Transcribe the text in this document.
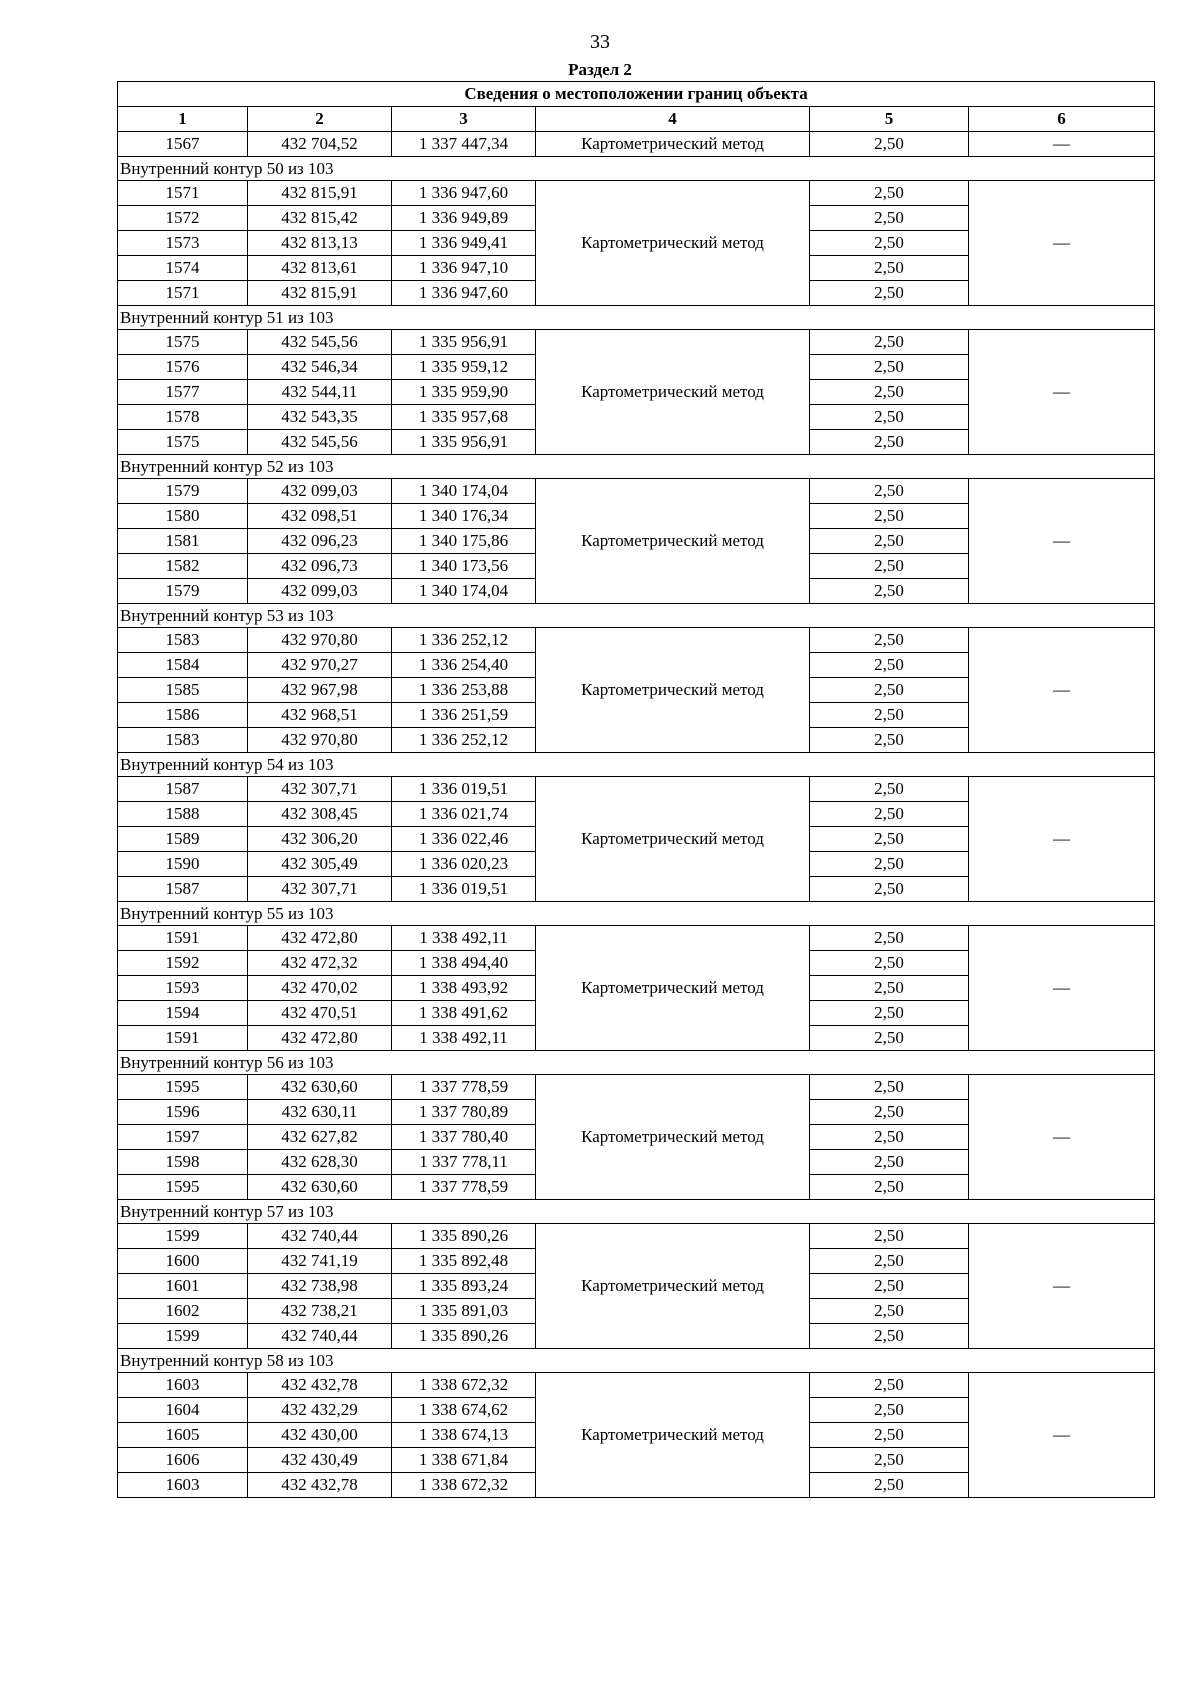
33
Раздел 2
Сведения о местоположении границ объекта					
1	2	3	4	5	6
1567	432 704,52	1 337 447,34	Картометрический метод	2,50	—
Внутренний контур 50 из 103					
1571	432 815,91	1 336 947,60	Картометрический метод	2,50	—
1572	432 815,42	1 336 949,89		2,50	
1573	432 813,13	1 336 949,41		2,50	
1574	432 813,61	1 336 947,10		2,50	
1571	432 815,91	1 336 947,60		2,50	
Внутренний контур 51 из 103					
1575	432 545,56	1 335 956,91	Картометрический метод	2,50	—
1576	432 546,34	1 335 959,12		2,50	
1577	432 544,11	1 335 959,90		2,50	
1578	432 543,35	1 335 957,68		2,50	
1575	432 545,56	1 335 956,91		2,50	
Внутренний контур 52 из 103					
1579	432 099,03	1 340 174,04	Картометрический метод	2,50	—
1580	432 098,51	1 340 176,34		2,50	
1581	432 096,23	1 340 175,86		2,50	
1582	432 096,73	1 340 173,56		2,50	
1579	432 099,03	1 340 174,04		2,50	
Внутренний контур 53 из 103					
1583	432 970,80	1 336 252,12	Картометрический метод	2,50	—
1584	432 970,27	1 336 254,40		2,50	
1585	432 967,98	1 336 253,88		2,50	
1586	432 968,51	1 336 251,59		2,50	
1583	432 970,80	1 336 252,12		2,50	
Внутренний контур 54 из 103					
1587	432 307,71	1 336 019,51	Картометрический метод	2,50	—
1588	432 308,45	1 336 021,74		2,50	
1589	432 306,20	1 336 022,46		2,50	
1590	432 305,49	1 336 020,23		2,50	
1587	432 307,71	1 336 019,51		2,50	
Внутренний контур 55 из 103					
1591	432 472,80	1 338 492,11	Картометрический метод	2,50	—
1592	432 472,32	1 338 494,40		2,50	
1593	432 470,02	1 338 493,92		2,50	
1594	432 470,51	1 338 491,62		2,50	
1591	432 472,80	1 338 492,11		2,50	
Внутренний контур 56 из 103					
1595	432 630,60	1 337 778,59	Картометрический метод	2,50	—
1596	432 630,11	1 337 780,89		2,50	
1597	432 627,82	1 337 780,40		2,50	
1598	432 628,30	1 337 778,11		2,50	
1595	432 630,60	1 337 778,59		2,50	
Внутренний контур 57 из 103					
1599	432 740,44	1 335 890,26	Картометрический метод	2,50	—
1600	432 741,19	1 335 892,48		2,50	
1601	432 738,98	1 335 893,24		2,50	
1602	432 738,21	1 335 891,03		2,50	
1599	432 740,44	1 335 890,26		2,50	
Внутренний контур 58 из 103					
1603	432 432,78	1 338 672,32	Картометрический метод	2,50	—
1604	432 432,29	1 338 674,62		2,50	
1605	432 430,00	1 338 674,13		2,50	
1606	432 430,49	1 338 671,84		2,50	
1603	432 432,78	1 338 672,32		2,50	
